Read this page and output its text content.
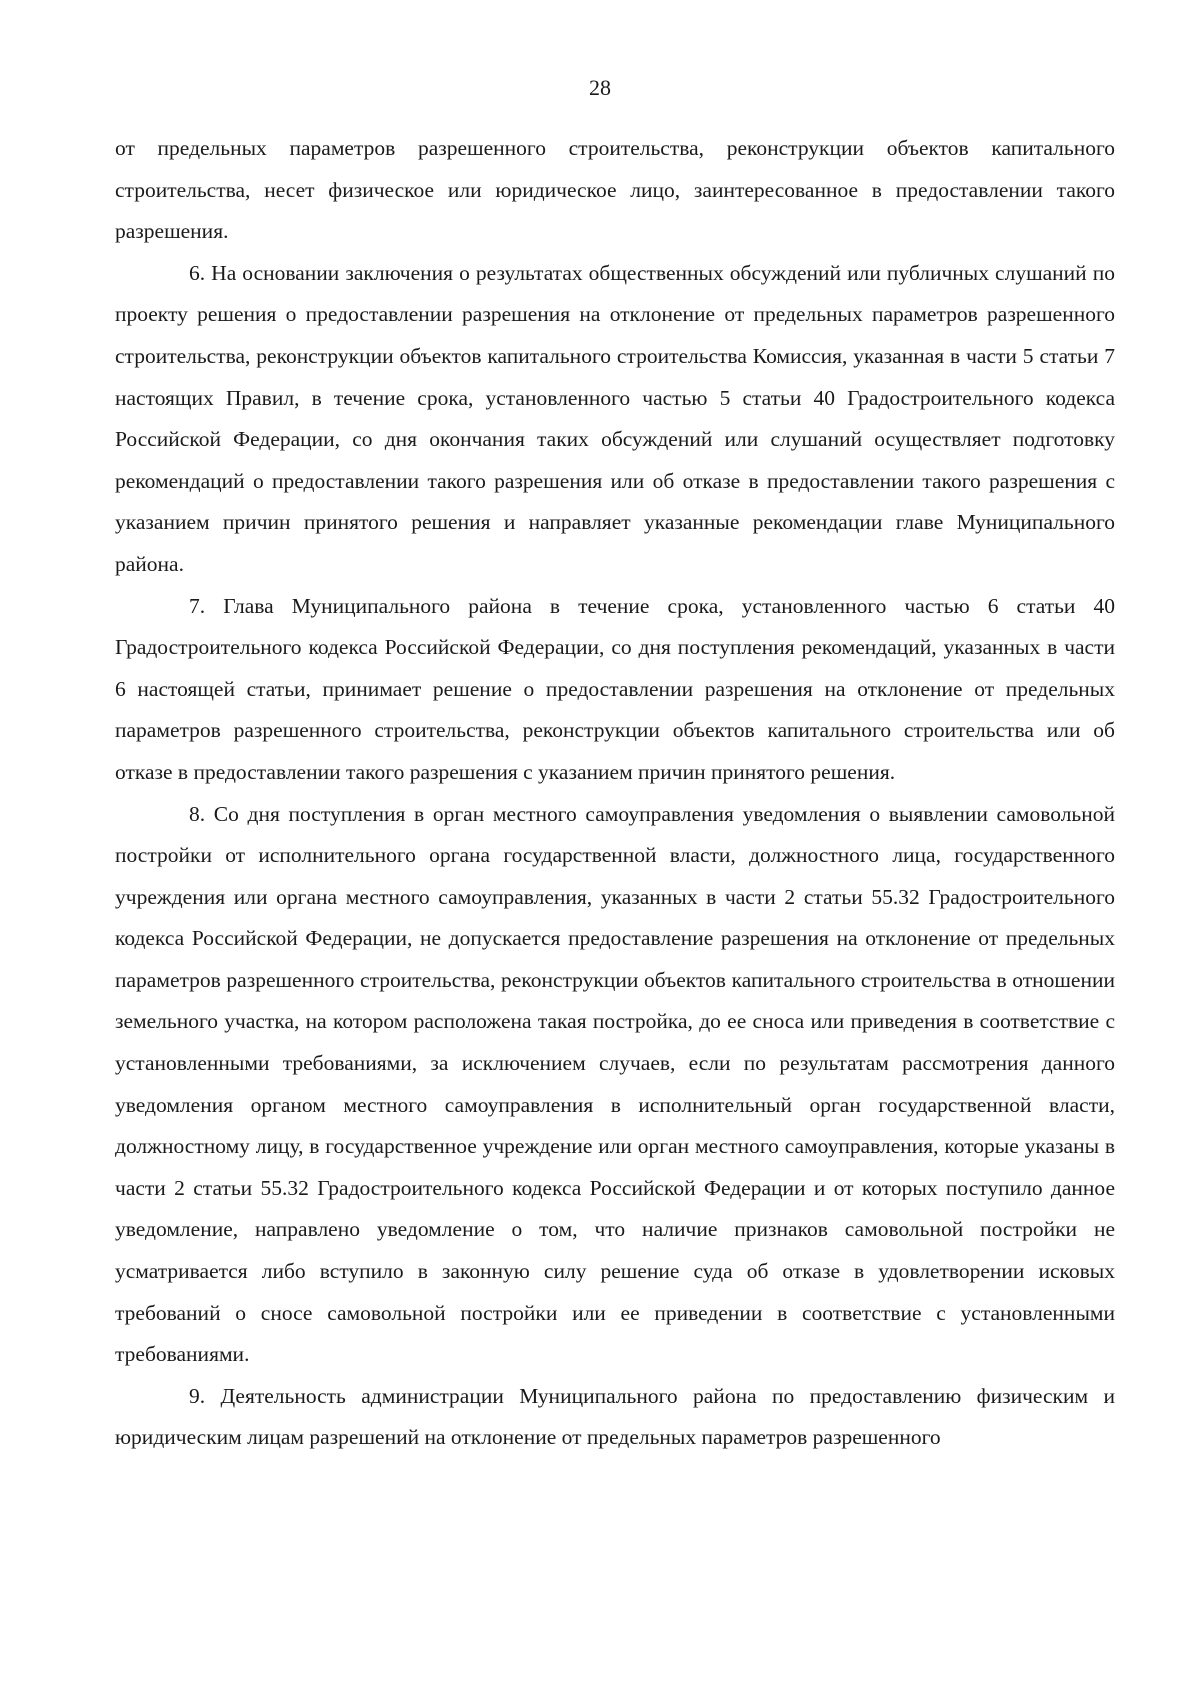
28

от предельных параметров разрешенного строительства, реконструкции объектов капитального строительства, несет физическое или юридическое лицо, заинтересованное в предоставлении такого разрешения.

6. На основании заключения о результатах общественных обсуждений или публичных слушаний по проекту решения о предоставлении разрешения на отклонение от предельных параметров разрешенного строительства, реконструкции объектов капитального строительства Комиссия, указанная в части 5 статьи 7 настоящих Правил, в течение срока, установленного частью 5 статьи 40 Градостроительного кодекса Российской Федерации, со дня окончания таких обсуждений или слушаний осуществляет подготовку рекомендаций о предоставлении такого разрешения или об отказе в предоставлении такого разрешения с указанием причин принятого решения и направляет указанные рекомендации главе Муниципального района.

7. Глава Муниципального района в течение срока, установленного частью 6 статьи 40 Градостроительного кодекса Российской Федерации, со дня поступления рекомендаций, указанных в части 6 настоящей статьи, принимает решение о предоставлении разрешения на отклонение от предельных параметров разрешенного строительства, реконструкции объектов капитального строительства или об отказе в предоставлении такого разрешения с указанием причин принятого решения.

8. Со дня поступления в орган местного самоуправления уведомления о выявлении самовольной постройки от исполнительного органа государственной власти, должностного лица, государственного учреждения или органа местного самоуправления, указанных в части 2 статьи 55.32 Градостроительного кодекса Российской Федерации, не допускается предоставление разрешения на отклонение от предельных параметров разрешенного строительства, реконструкции объектов капитального строительства в отношении земельного участка, на котором расположена такая постройка, до ее сноса или приведения в соответствие с установленными требованиями, за исключением случаев, если по результатам рассмотрения данного уведомления органом местного самоуправления в исполнительный орган государственной власти, должностному лицу, в государственное учреждение или орган местного самоуправления, которые указаны в части 2 статьи 55.32 Градостроительного кодекса Российской Федерации и от которых поступило данное уведомление, направлено уведомление о том, что наличие признаков самовольной постройки не усматривается либо вступило в законную силу решение суда об отказе в удовлетворении исковых требований о сносе самовольной постройки или ее приведении в соответствие с установленными требованиями.

9. Деятельность администрации Муниципального района по предоставлению физическим и юридическим лицам разрешений на отклонение от предельных параметров разрешенного
